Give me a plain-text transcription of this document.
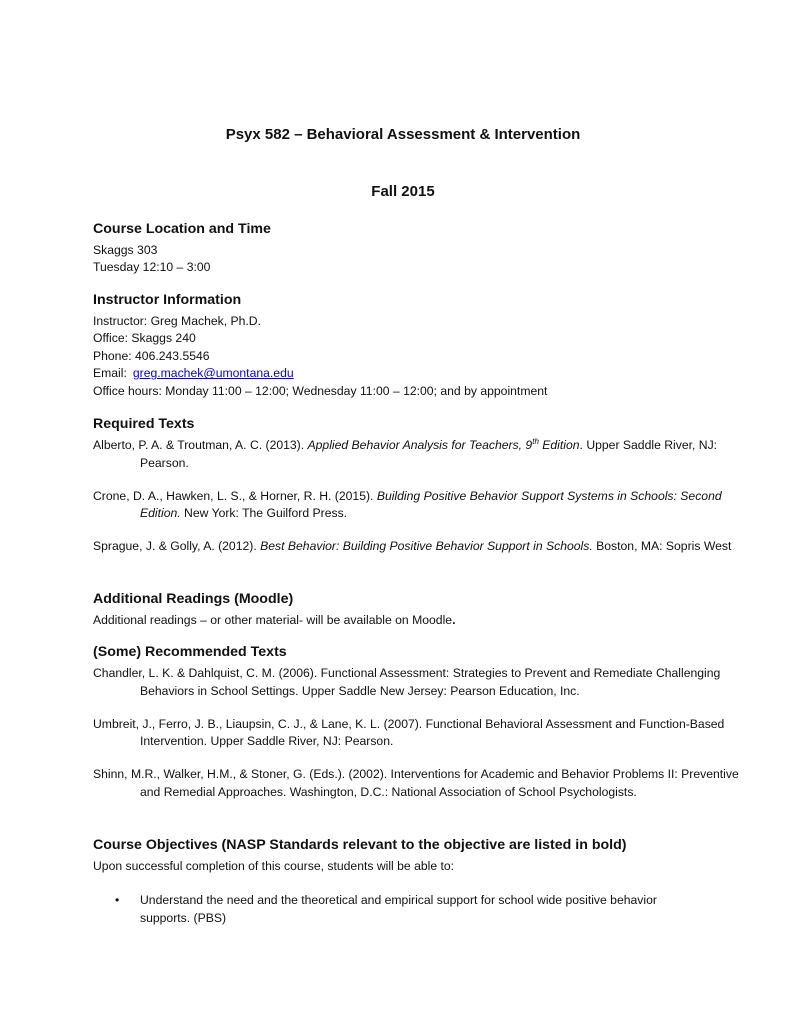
Psyx 582 – Behavioral Assessment & Intervention
Fall 2015
Course Location and Time

Skaggs 303

Tuesday 12:10 – 3:00

Instructor Information

Instructor: Greg Machek, Ph.D.

Office: Skaggs 240

Phone: 406.243.5546

Email: greg.machek@umontana.edu

Office hours: Monday 11:00 – 12:00; Wednesday 11:00 – 12:00; and by appointment

Required Texts

Alberto, P. A. & Troutman, A. C. (2013). Applied Behavior Analysis for Teachers, 9th Edition. Upper Saddle River, NJ: Pearson.

Crone, D. A., Hawken, L. S., & Horner, R. H. (2015). Building Positive Behavior Support Systems in Schools: Second Edition. New York: The Guilford Press.

Sprague, J. & Golly, A. (2012). Best Behavior: Building Positive Behavior Support in Schools. Boston, MA: Sopris West

Additional Readings (Moodle)

Additional readings – or other material- will be available on Moodle.

(Some) Recommended Texts

Chandler, L. K. & Dahlquist, C. M. (2006). Functional Assessment: Strategies to Prevent and Remediate Challenging Behaviors in School Settings. Upper Saddle New Jersey: Pearson Education, Inc.

Umbreit, J., Ferro, J. B., Liaupsin, C. J., & Lane, K. L. (2007). Functional Behavioral Assessment and Function-Based Intervention. Upper Saddle River, NJ: Pearson.

Shinn, M.R., Walker, H.M., & Stoner, G. (Eds.). (2002). Interventions for Academic and Behavior Problems II: Preventive and Remedial Approaches. Washington, D.C.: National Association of School Psychologists.

Course Objectives (NASP Standards relevant to the objective are listed in bold)

Upon successful completion of this course, students will be able to:

• Understand the need and the theoretical and empirical support for school wide positive behavior supports. (PBS)
